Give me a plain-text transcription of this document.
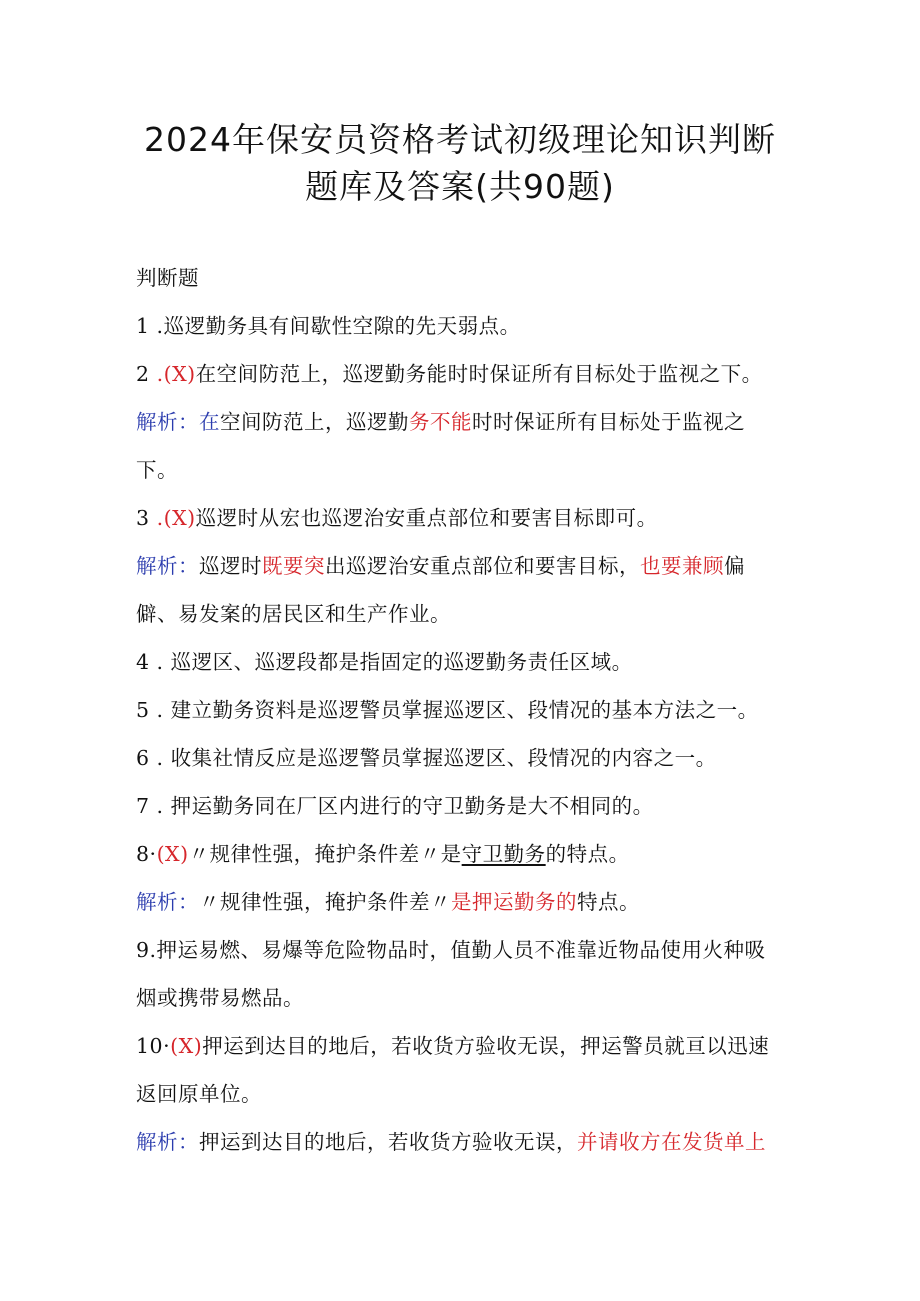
2024年保安员资格考试初级理论知识判断
题库及答案(共90题)
判断题
1 .巡逻勤务具有间歇性空隙的先天弱点。
2 .(X)在空间防范上，巡逻勤务能时时保证所有目标处于监视之下。
解析：在空间防范上，巡逻勤务不能时时保证所有目标处于监视之
下。
3 .(X)巡逻时从宏也巡逻治安重点部位和要害目标即可。
解析：巡逻时既要突出巡逻治安重点部位和要害目标，也要兼顾偏
僻、易发案的居民区和生产作业。
4 . 巡逻区、巡逻段都是指固定的巡逻勤务责任区域。
5 . 建立勤务资料是巡逻警员掌握巡逻区、段情况的基本方法之一。
6 . 收集社情反应是巡逻警员掌握巡逻区、段情况的内容之一。
7 . 押运勤务同在厂区内进行的守卫勤务是大不相同的。
8·(X)〃规律性强，掩护条件差〃是守卫勤务的特点。
解析：〃规律性强，掩护条件差〃是押运勤务的特点。
9.押运易燃、易爆等危险物品时，值勤人员不准靠近物品使用火种吸
烟或携带易燃品。
10·(X)押运到达目的地后，若收货方验收无误，押运警员就亘以迅速
返回原单位。
解析：押运到达目的地后，若收货方验收无误，并请收方在发货单上
